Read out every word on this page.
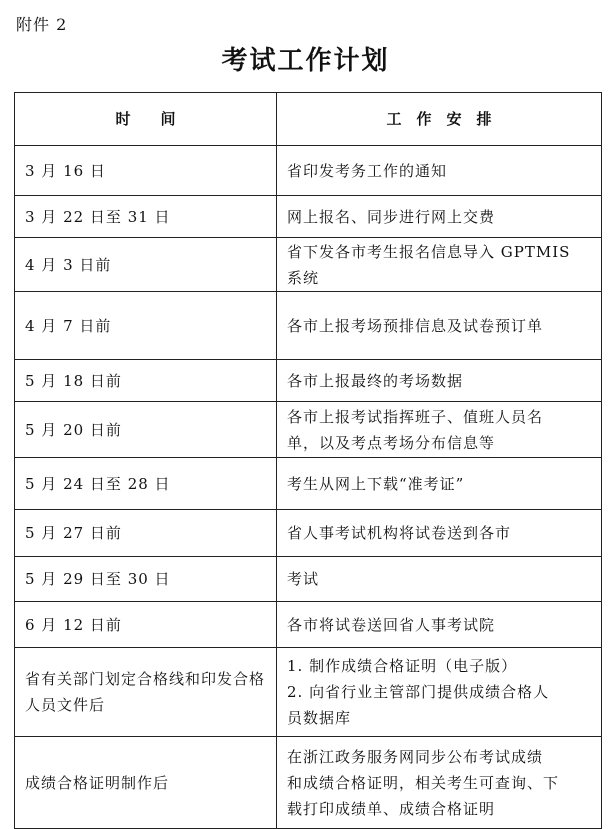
附件 2
考试工作计划
时　　间	工　作　安　排
3 月 16 日	省印发考务工作的通知

3 月 22 日至 31 日	网上报名、同步进行网上交费

4 月 3 日前	省下发各市考生报名信息导入 GPTMIS
系统

4 月 7 日前	各市上报考场预排信息及试卷预订单

5 月 18 日前	各市上报最终的考场数据

5 月 20 日前	各市上报考试指挥班子、值班人员名
单，以及考点考场分布信息等

5 月 24 日至 28 日	考生从网上下载“准考证”

5 月 27 日前	省人事考试机构将试卷送到各市

5 月 29 日至 30 日	考试

6 月 12 日前	各市将试卷送回省人事考试院

省有关部门划定合格线和印发合格人员文件后	1. 制作成绩合格证明（电子版）
2. 向省行业主管部门提供成绩合格人
员数据库

成绩合格证明制作后	在浙江政务服务网同步公布考试成绩
和成绩合格证明，相关考生可查询、下
载打印成绩单、成绩合格证明
